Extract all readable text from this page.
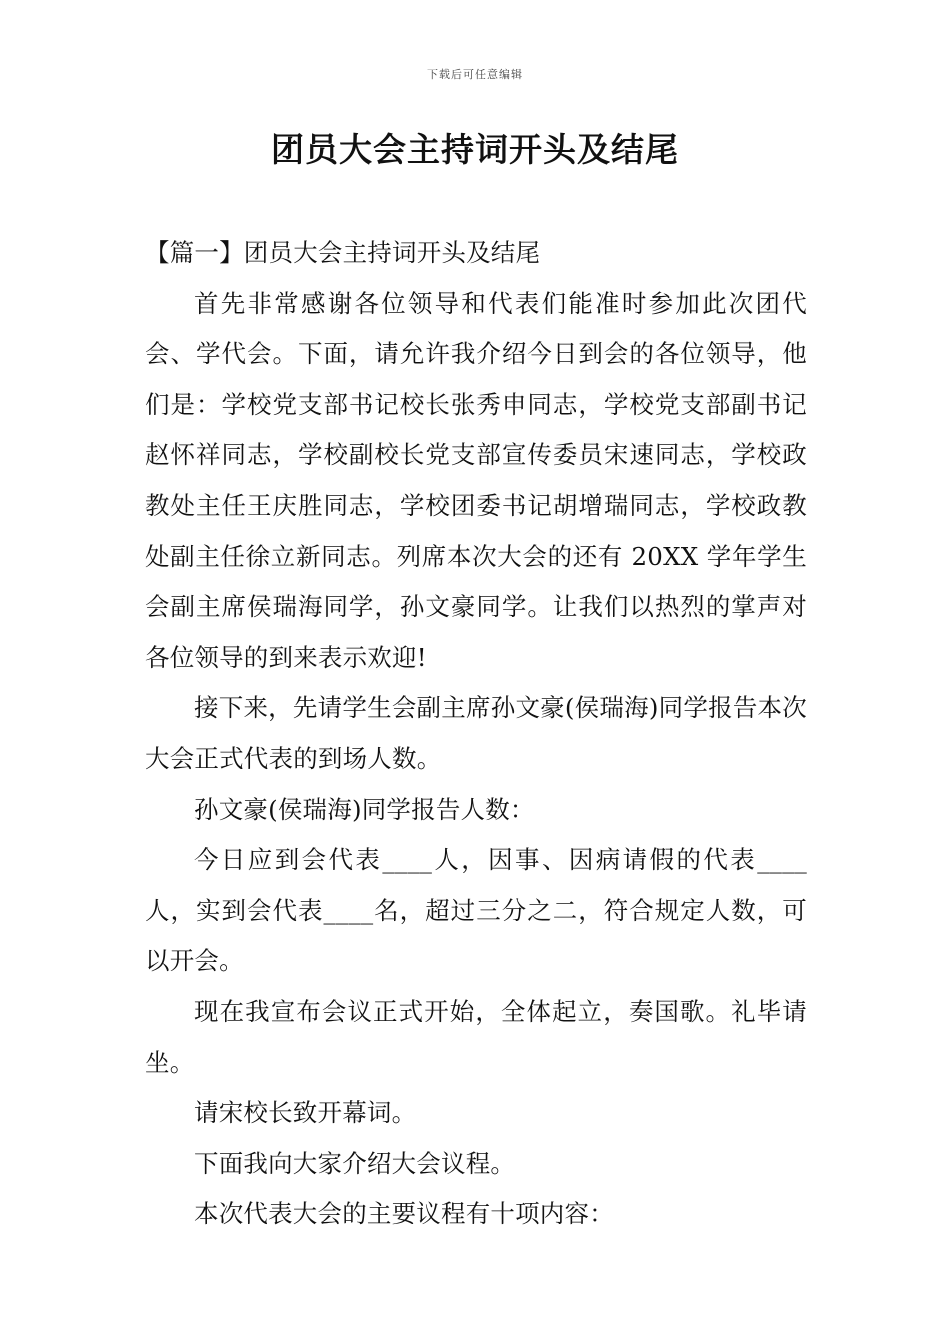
下载后可任意编辑
团员大会主持词开头及结尾

【篇一】团员大会主持词开头及结尾

首先非常感谢各位领导和代表们能准时参加此次团代会、学代会。下面，请允许我介绍今日到会的各位领导，他们是：学校党支部书记校长张秀申同志，学校党支部副书记赵怀祥同志，学校副校长党支部宣传委员宋速同志，学校政教处主任王庆胜同志，学校团委书记胡增瑞同志，学校政教处副主任徐立新同志。列席本次大会的还有 20XX 学年学生会副主席侯瑞海同学，孙文豪同学。让我们以热烈的掌声对各位领导的到来表示欢迎!

接下来，先请学生会副主席孙文豪(侯瑞海)同学报告本次大会正式代表的到场人数。

孙文豪(侯瑞海)同学报告人数：

今日应到会代表____人，因事、因病请假的代表____人，实到会代表____名，超过三分之二，符合规定人数，可以开会。

现在我宣布会议正式开始，全体起立，奏国歌。礼毕请坐。

请宋校长致开幕词。

下面我向大家介绍大会议程。

本次代表大会的主要议程有十项内容：
